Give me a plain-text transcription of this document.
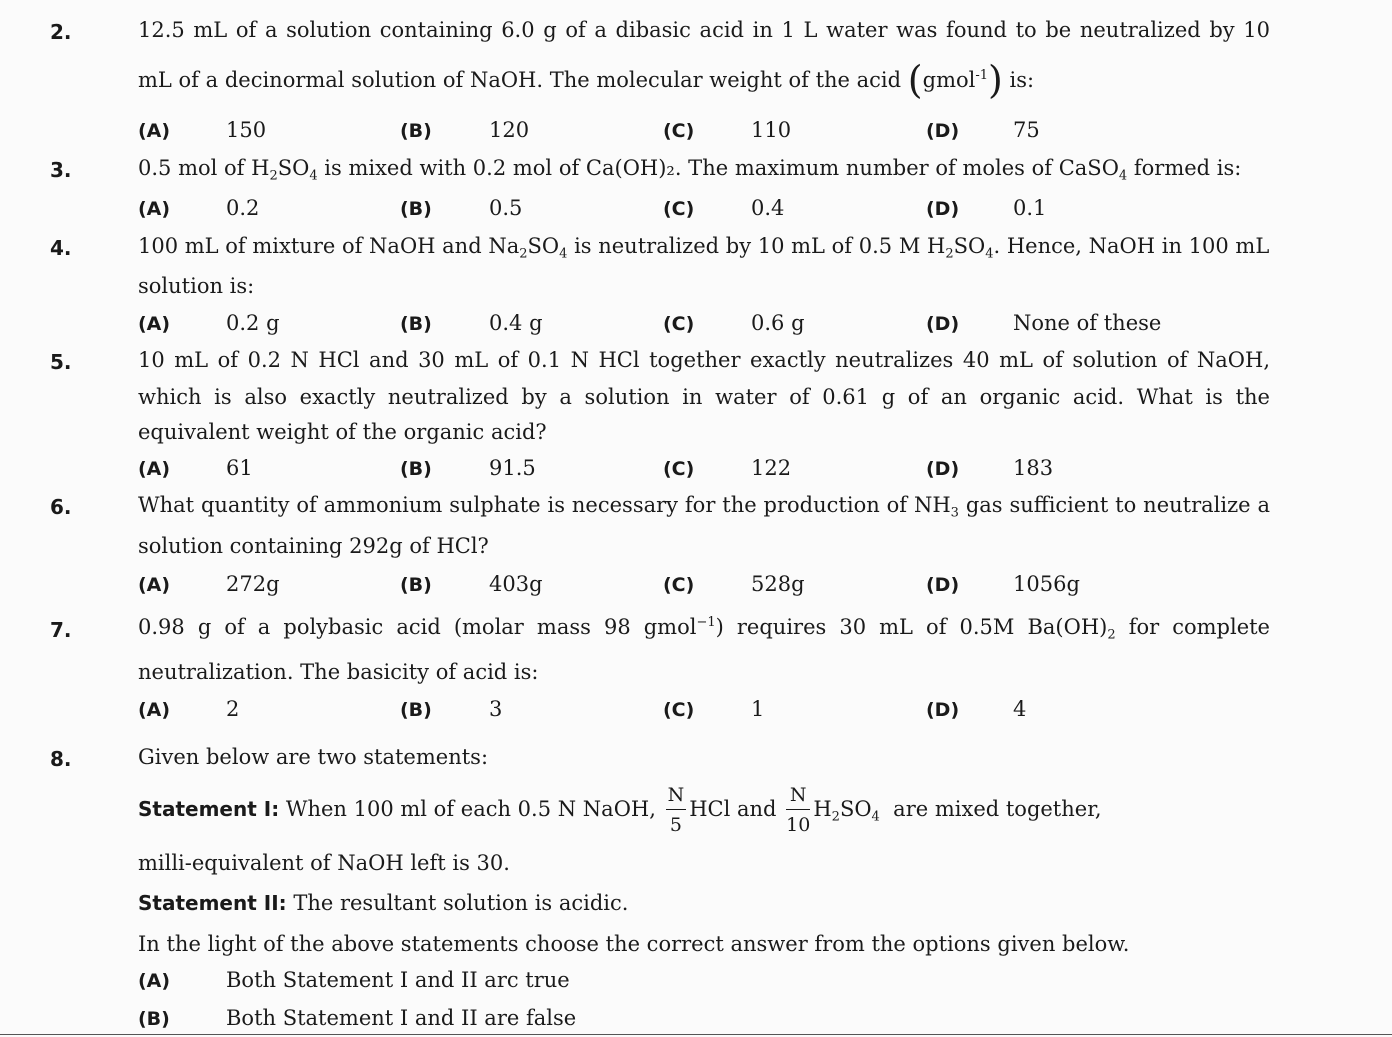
2.	12.5 mL of a solution containing 6.0 g of a dibasic acid in 1 L water was found to be neutralized by 10
mL of a decinormal solution of NaOH. The molecular weight of the acid (gmol$^{-1}$) is:
(A)	150	(B)	120	(C)	110	(D)	75
3.	0.5 mol of $H_2SO_4$ is mixed with 0.2 mol of Ca(OH)₂. The maximum number of moles of CaSO$_4$ formed is:
(A)	0.2	(B)	0.5	(C)	0.4	(D)	0.1
4.	100 mL of mixture of NaOH and $Na_2SO_4$ is neutralized by 10 mL of 0.5 M $H_2SO_4$. Hence, NaOH in 100 mL
solution is:
(A)	0.2 g	(B)	0.4 g	(C)	0.6 g	(D)	None of these
5.	10 mL of 0.2 N HCl and 30 mL of 0.1 N HCl together exactly neutralizes 40 mL of solution of NaOH,
which is also exactly neutralized by a solution in water of 0.61 g of an organic acid. What is the
equivalent weight of the organic acid?
(A)	61	(B)	91.5	(C)	122	(D)	183
6.	What quantity of ammonium sulphate is necessary for the production of $NH_3$ gas sufficient to neutralize a
solution containing 292g of HCl?
(A)	272g	(B)	403g	(C)	528g	(D)	1056g
7.	0.98 g of a polybasic acid (molar mass 98 gmol$^{-1}$) requires 30 mL of 0.5M $Ba(OH)_2$ for complete
neutralization. The basicity of acid is:
(A)	2	(B)	3	(C)	1	(D)	4
8.	Given below are two statements:
Statement I: When 100 ml of each 0.5 N NaOH, $\frac{N}{5}$ HCl and $\frac{N}{10} H_2SO_4$  are mixed together,
milli-equivalent of NaOH left is 30.
Statement II: The resultant solution is acidic.
In the light of the above statements choose the correct answer from the options given below.
(A)	Both Statement I and II arc true
(B)	Both Statement I and II are false
